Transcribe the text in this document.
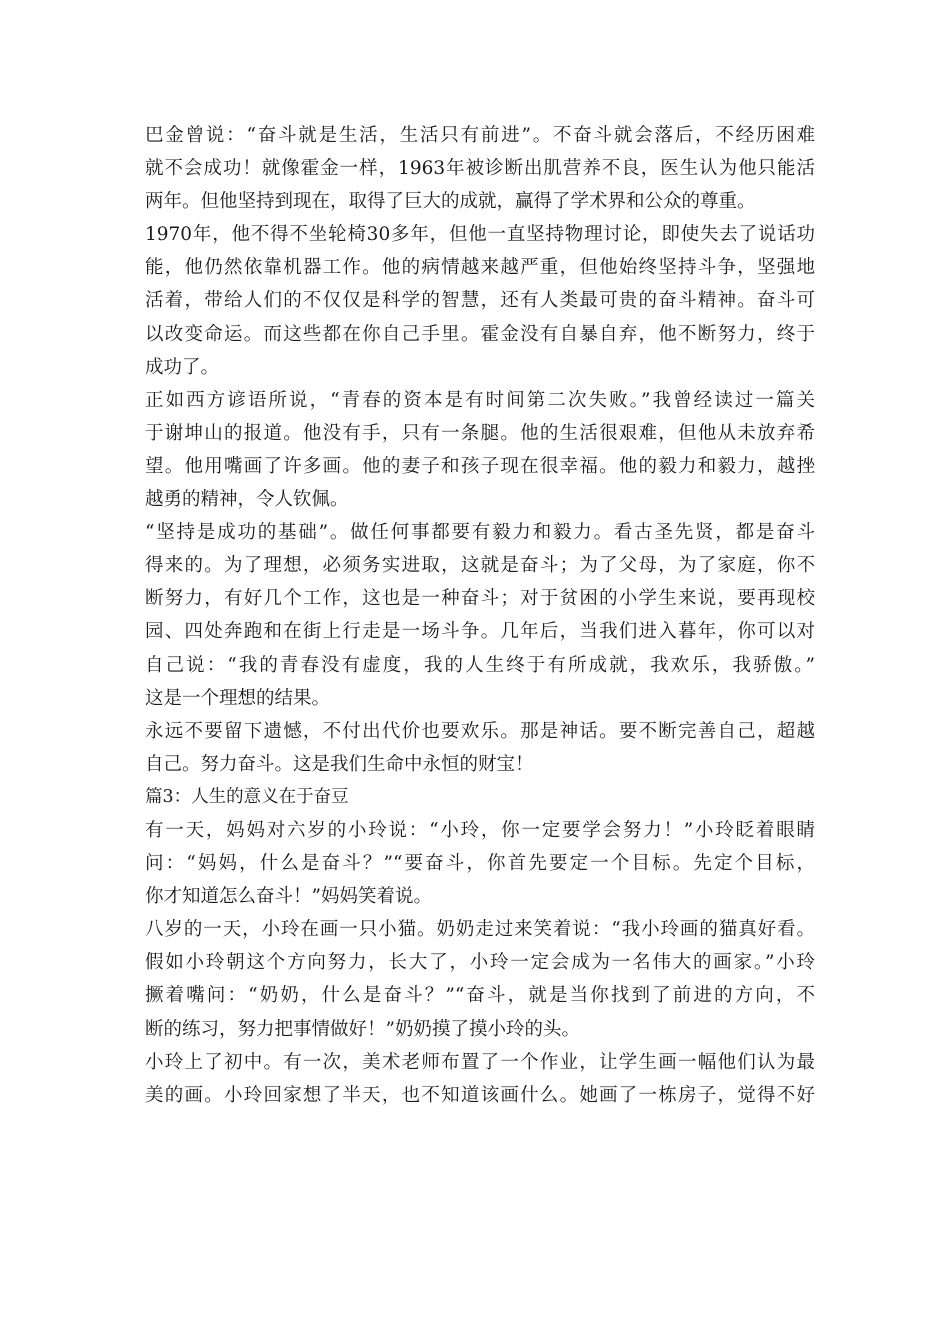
巴金曾说：“奋斗就是生活，生活只有前进”。不奋斗就会落后，不经历困难
就不会成功！就像霍金一样，1963年被诊断出肌营养不良，医生认为他只能活
两年。但他坚持到现在，取得了巨大的成就，赢得了学术界和公众的尊重。
1970年，他不得不坐轮椅30多年，但他一直坚持物理讨论，即使失去了说话功
能，他仍然依靠机器工作。他的病情越来越严重，但他始终坚持斗争，坚强地
活着，带给人们的不仅仅是科学的智慧，还有人类最可贵的奋斗精神。奋斗可
以改变命运。而这些都在你自己手里。霍金没有自暴自弃，他不断努力，终于
成功了。
正如西方谚语所说，“青春的资本是有时间第二次失败。”我曾经读过一篇关
于谢坤山的报道。他没有手，只有一条腿。他的生活很艰难，但他从未放弃希
望。他用嘴画了许多画。他的妻子和孩子现在很幸福。他的毅力和毅力，越挫
越勇的精神，令人钦佩。
“坚持是成功的基础”。做任何事都要有毅力和毅力。看古圣先贤，都是奋斗
得来的。为了理想，必须务实进取，这就是奋斗；为了父母，为了家庭，你不
断努力，有好几个工作，这也是一种奋斗；对于贫困的小学生来说，要再现校
园、四处奔跑和在街上行走是一场斗争。几年后，当我们进入暮年，你可以对
自己说：“我的青春没有虚度，我的人生终于有所成就，我欢乐，我骄傲。”
这是一个理想的结果。
永远不要留下遗憾，不付出代价也要欢乐。那是神话。要不断完善自己，超越
自己。努力奋斗。这是我们生命中永恒的财宝！
篇3：人生的意义在于奋豆
有一天，妈妈对六岁的小玲说：“小玲，你一定要学会努力！”小玲眨着眼睛
问：“妈妈，什么是奋斗？”“要奋斗，你首先要定一个目标。先定个目标，
你才知道怎么奋斗！”妈妈笑着说。
八岁的一天，小玲在画一只小猫。奶奶走过来笑着说：“我小玲画的猫真好看。
假如小玲朝这个方向努力，长大了，小玲一定会成为一名伟大的画家。”小玲
撅着嘴问：“奶奶，什么是奋斗？”“奋斗，就是当你找到了前进的方向，不
断的练习，努力把事情做好！”奶奶摸了摸小玲的头。
小玲上了初中。有一次，美术老师布置了一个作业，让学生画一幅他们认为最
美的画。小玲回家想了半天，也不知道该画什么。她画了一栋房子，觉得不好
